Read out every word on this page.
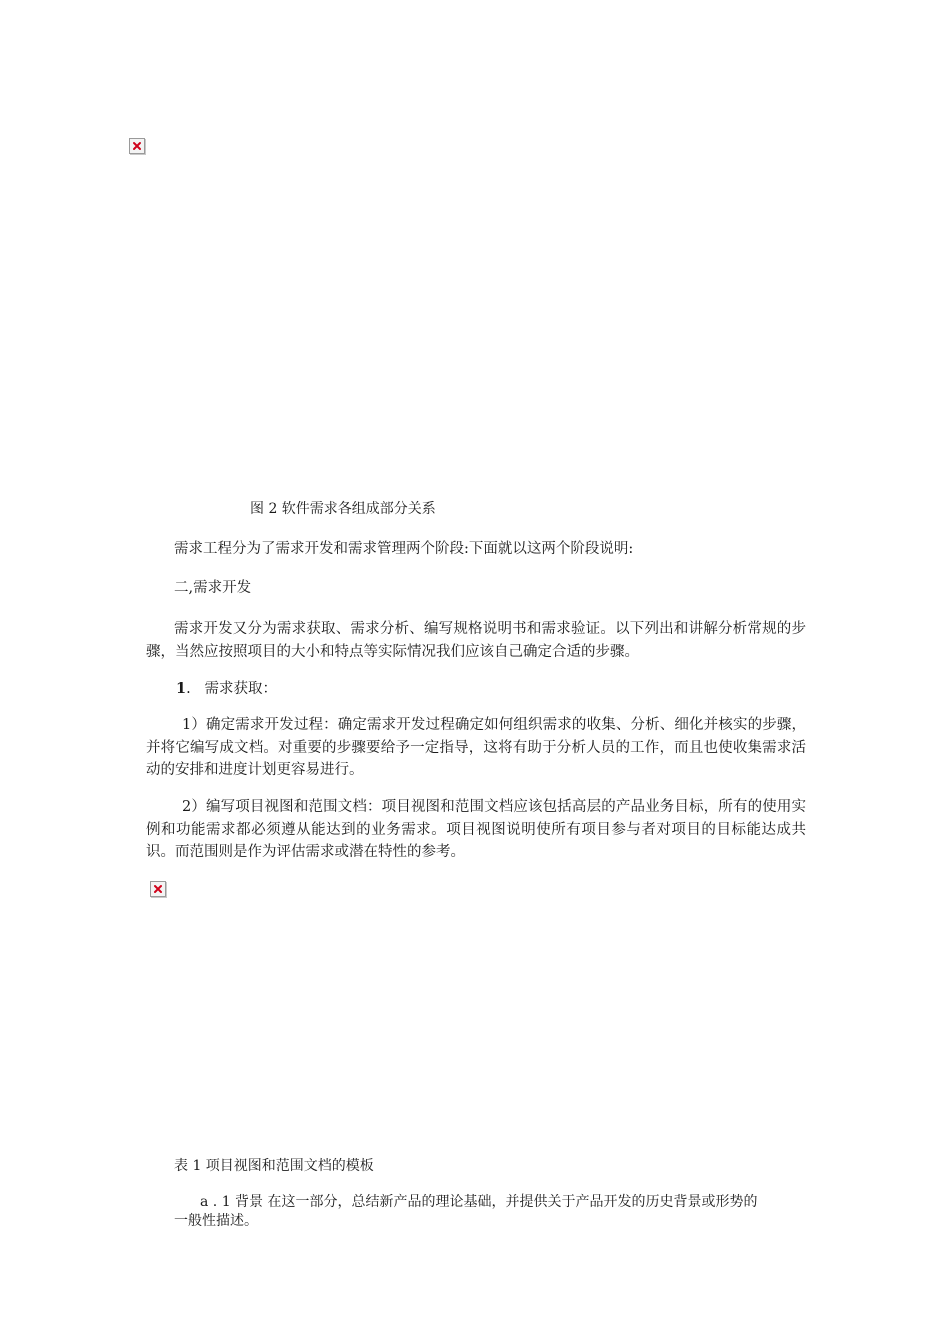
图 2 软件需求各组成部分关系
需求工程分为了需求开发和需求管理两个阶段:下面就以这两个阶段说明:
二,需求开发
需求开发又分为需求获取、需求分析、编写规格说明书和需求验证。以下列出和讲解分析常规的步骤，当然应按照项目的大小和特点等实际情况我们应该自己确定合适的步骤。
1. 需求获取：
1）确定需求开发过程：确定需求开发过程确定如何组织需求的收集、分析、细化并核实的步骤，并将它编写成文档。对重要的步骤要给予一定指导，这将有助于分析人员的工作，而且也使收集需求活动的安排和进度计划更容易进行。
2）编写项目视图和范围文档：项目视图和范围文档应该包括高层的产品业务目标，所有的使用实例和功能需求都必须遵从能达到的业务需求。项目视图说明使所有项目参与者对项目的目标能达成共识。而范围则是作为评估需求或潜在特性的参考。
表 1 项目视图和范围文档的模板
a . 1 背景 在这一部分，总结新产品的理论基础，并提供关于产品开发的历史背景或形势的
一般性描述。
